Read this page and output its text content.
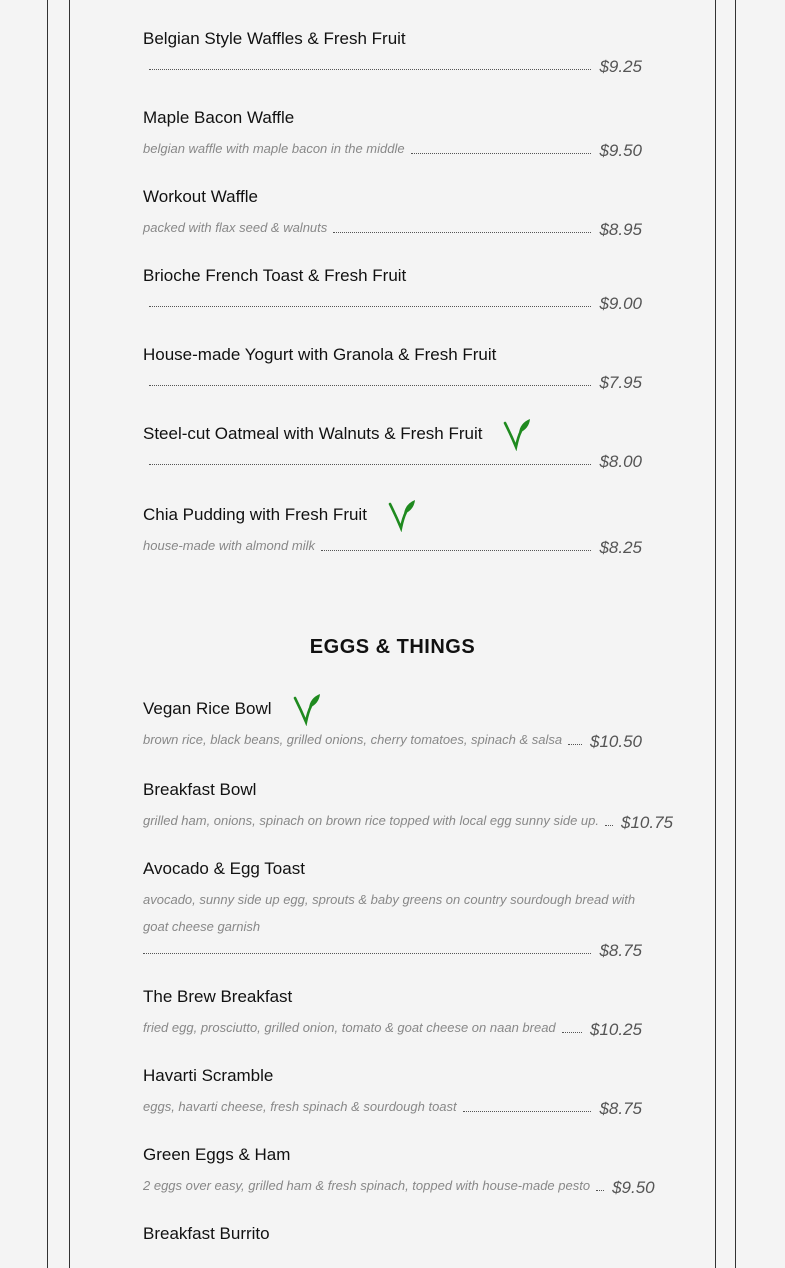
Belgian Style Waffles & Fresh Fruit
$9.25
Maple Bacon Waffle
belgian waffle with maple bacon in the middle	$9.50
Workout Waffle
packed with flax seed & walnuts	$8.95
Brioche French Toast & Fresh Fruit
$9.00
House-made Yogurt with Granola & Fresh Fruit
$7.95
Steel-cut Oatmeal with Walnuts & Fresh Fruit
$8.00
Chia Pudding with Fresh Fruit
house-made with almond milk	$8.25
EGGS & THINGS
Vegan Rice Bowl
brown rice, black beans, grilled onions, cherry tomatoes, spinach & salsa	$10.50
Breakfast Bowl
grilled ham, onions, spinach on brown rice topped with local egg sunny side up.	$10.75
Avocado & Egg Toast
avocado, sunny side up egg, sprouts & baby greens on country sourdough bread with goat cheese garnish
$8.75
The Brew Breakfast
fried egg, prosciutto, grilled onion, tomato & goat cheese on naan bread	$10.25
Havarti Scramble
eggs, havarti cheese, fresh spinach & sourdough toast	$8.75
Green Eggs & Ham
2 eggs over easy, grilled ham & fresh spinach, topped with house-made pesto	$9.50
Breakfast Burrito
